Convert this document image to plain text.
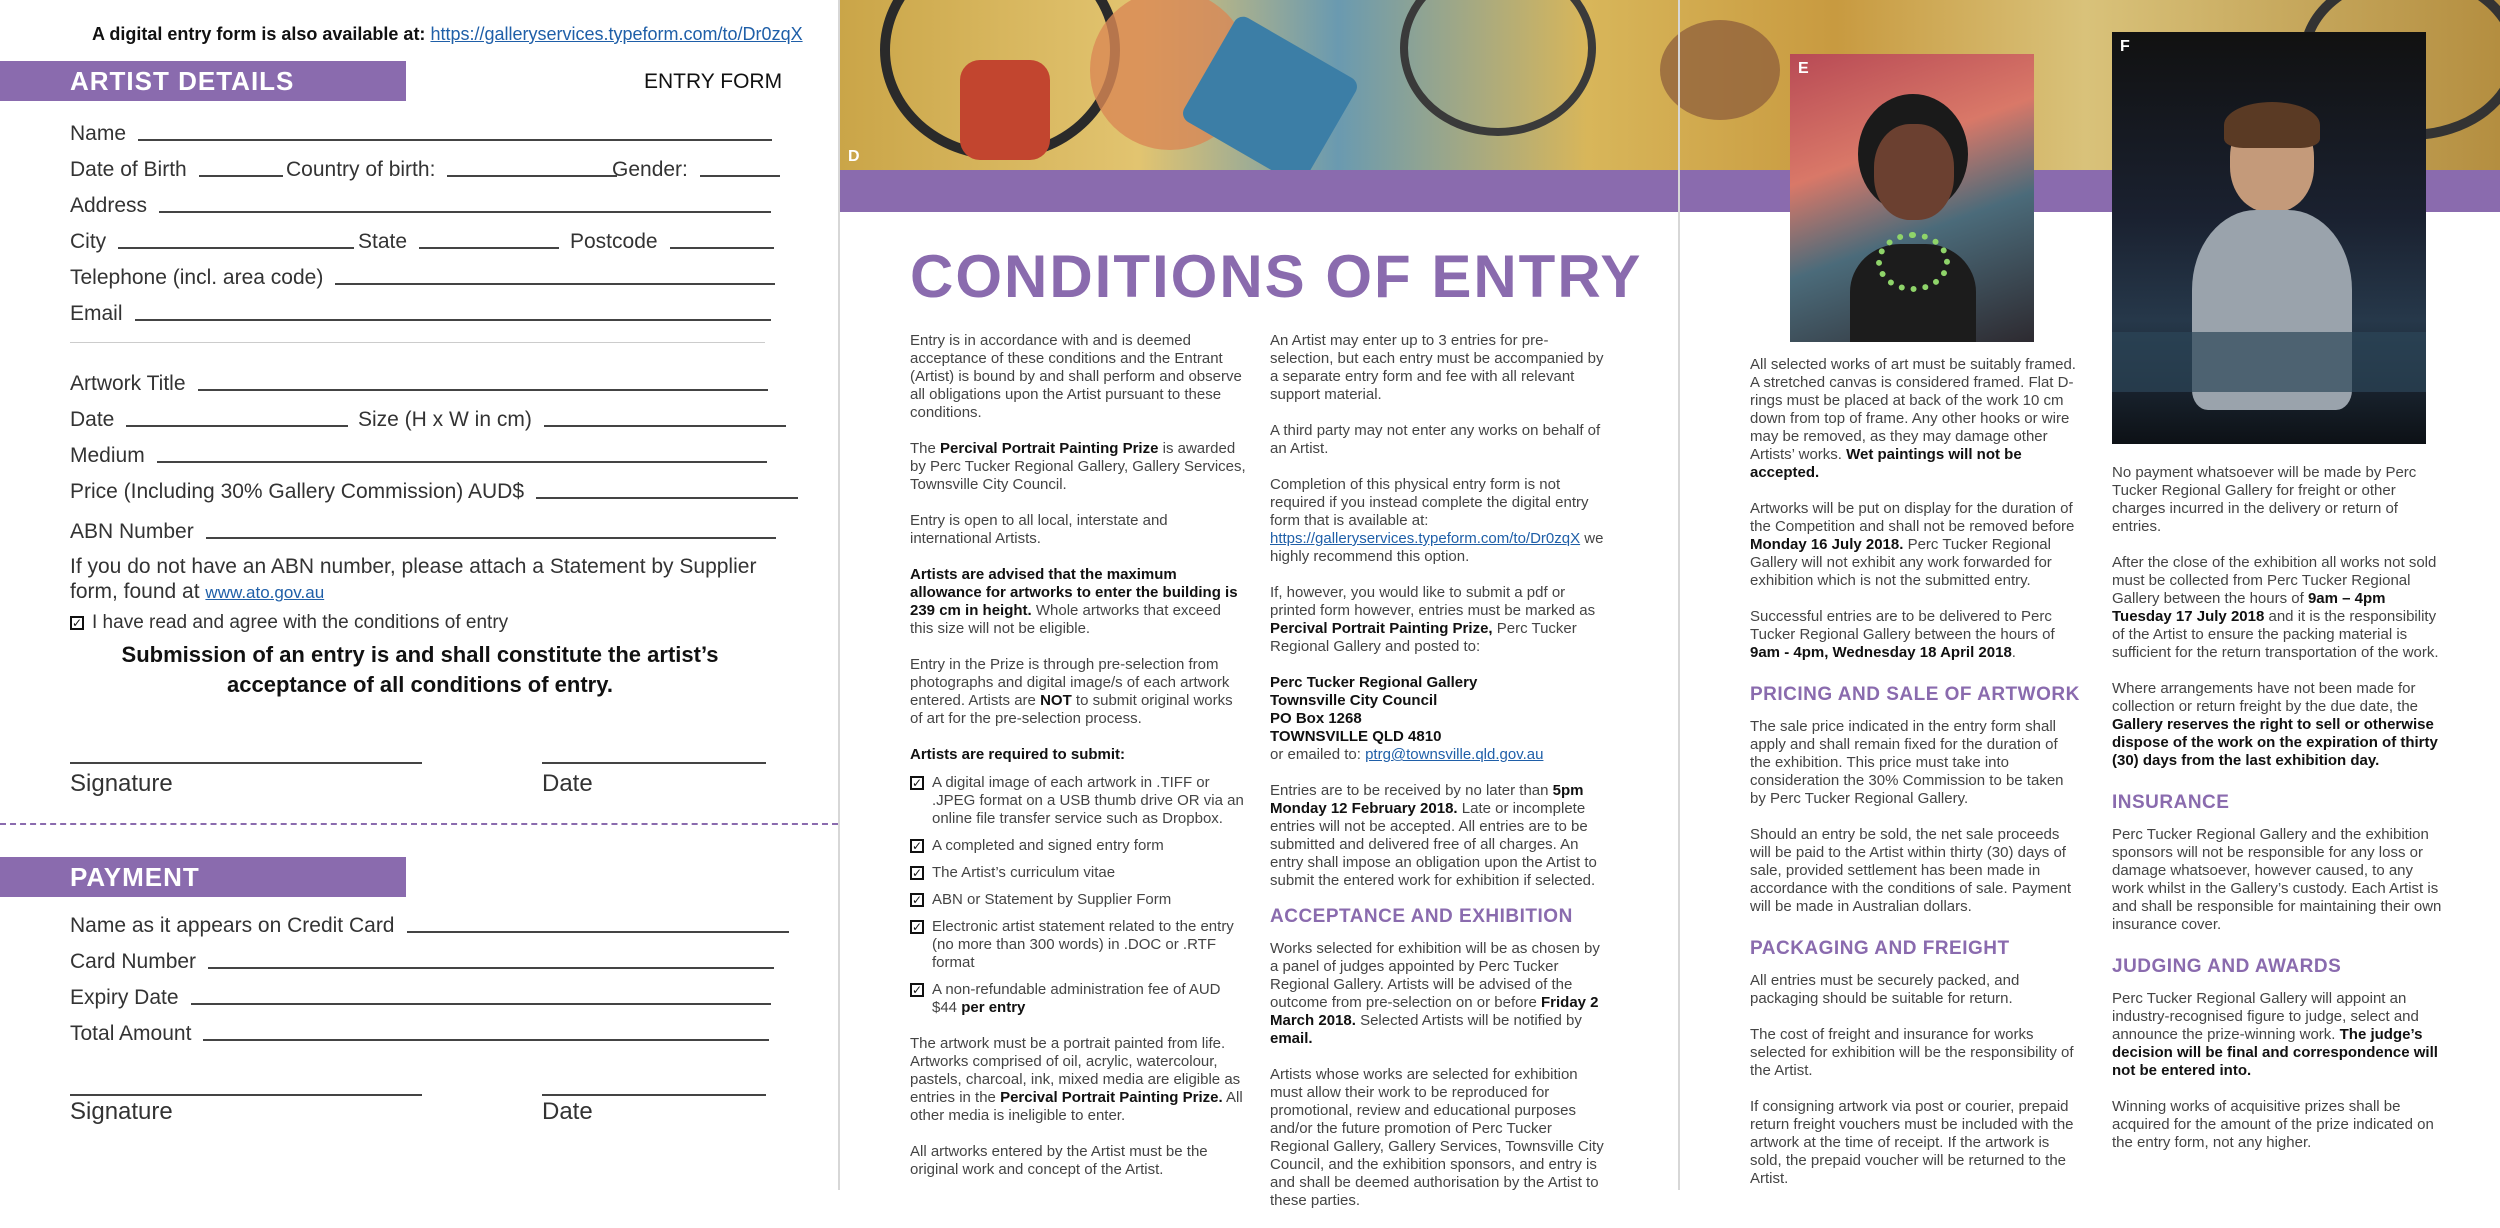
A digital entry form is also available at: https://galleryservices.typeform.com/to/Dr0zqX
ARTIST DETAILS	ENTRY FORM
Name
Date of Birth	Country of birth:	Gender:
Address
City	State	Postcode
Telephone (incl. area code)
Email
Artwork Title
Date	Size (H x W in cm)
Medium
Price (Including 30% Gallery Commission) AUD$
ABN Number
If you do not have an ABN number, please attach a Statement by Supplier form, found at www.ato.gov.au
✓ I have read and agree with the conditions of entry
Submission of an entry is and shall constitute the artist’s acceptance of all conditions of entry.
Signature	Date
PAYMENT
Name as it appears on Credit Card
Card Number
Expiry Date
Total Amount
Signature	Date
D
E
F
CONDITIONS OF ENTRY

Entry is in accordance with and is deemed acceptance of these conditions and the Entrant (Artist) is bound by and shall perform and observe all obligations upon the Artist pursuant to these conditions.

The Percival Portrait Painting Prize is awarded by Perc Tucker Regional Gallery, Gallery Services, Townsville City Council.

Entry is open to all local, interstate and international Artists.

Artists are advised that the maximum allowance for artworks to enter the building is 239 cm in height. Whole artworks that exceed this size will not be eligible.

Entry in the Prize is through pre-selection from photographs and digital image/s of each artwork entered. Artists are NOT to submit original works of art for the pre-selection process.

Artists are required to submit:

✓ A digital image of each artwork in .TIFF or .JPEG format on a USB thumb drive OR via an online file transfer service such as Dropbox.
✓ A completed and signed entry form
✓ The Artist’s curriculum vitae
✓ ABN or Statement by Supplier Form
✓ Electronic artist statement related to the entry (no more than 300 words) in .DOC or .RTF format
✓ A non-refundable administration fee of AUD $44 per entry

The artwork must be a portrait painted from life. Artworks comprised of oil, acrylic, watercolour, pastels, charcoal, ink, mixed media are eligible as entries in the Percival Portrait Painting Prize. All other media is ineligible to enter.

All artworks entered by the Artist must be the original work and concept of the Artist.

An Artist may enter up to 3 entries for pre-selection, but each entry must be accompanied by a separate entry form and fee with all relevant support material.

A third party may not enter any works on behalf of an Artist.

Completion of this physical entry form is not required if you instead complete the digital entry form that is available at: https://galleryservices.typeform.com/to/Dr0zqX we highly recommend this option.

If, however, you would like to submit a pdf or printed form however, entries must be marked as Percival Portrait Painting Prize, Perc Tucker Regional Gallery and posted to:

Perc Tucker Regional Gallery
Townsville City Council
PO Box 1268
TOWNSVILLE QLD 4810
or emailed to: ptrg@townsville.qld.gov.au

Entries are to be received by no later than 5pm Monday 12 February 2018. Late or incomplete entries will not be accepted. All entries are to be submitted and delivered free of all charges. An entry shall impose an obligation upon the Artist to submit the entered work for exhibition if selected.

ACCEPTANCE AND EXHIBITION

Works selected for exhibition will be as chosen by a panel of judges appointed by Perc Tucker Regional Gallery. Artists will be advised of the outcome from pre-selection on or before Friday 2 March 2018. Selected Artists will be notified by email.

Artists whose works are selected for exhibition must allow their work to be reproduced for promotional, review and educational purposes and/or the future promotion of Perc Tucker Regional Gallery, Gallery Services, Townsville City Council, and the exhibition sponsors, and entry is and shall be deemed authorisation by the Artist to these parties.

All selected works of art must be suitably framed. A stretched canvas is considered framed. Flat D-rings must be placed at back of the work 10 cm down from top of frame. Any other hooks or wire may be removed, as they may damage other Artists’ works. Wet paintings will not be accepted.

Artworks will be put on display for the duration of the Competition and shall not be removed before Monday 16 July 2018. Perc Tucker Regional Gallery will not exhibit any work forwarded for exhibition which is not the submitted entry.

Successful entries are to be delivered to Perc Tucker Regional Gallery between the hours of 9am - 4pm, Wednesday 18 April 2018.

PRICING AND SALE OF ARTWORK

The sale price indicated in the entry form shall apply and shall remain fixed for the duration of the exhibition. This price must take into consideration the 30% Commission to be taken by Perc Tucker Regional Gallery.

Should an entry be sold, the net sale proceeds will be paid to the Artist within thirty (30) days of sale, provided settlement has been made in accordance with the conditions of sale. Payment will be made in Australian dollars.

PACKAGING AND FREIGHT

All entries must be securely packed, and packaging should be suitable for return.

The cost of freight and insurance for works selected for exhibition will be the responsibility of the Artist.

If consigning artwork via post or courier, prepaid return freight vouchers must be included with the artwork at the time of receipt. If the artwork is sold, the prepaid voucher will be returned to the Artist.

No payment whatsoever will be made by Perc Tucker Regional Gallery for freight or other charges incurred in the delivery or return of entries.

After the close of the exhibition all works not sold must be collected from Perc Tucker Regional Gallery between the hours of 9am – 4pm Tuesday 17 July 2018 and it is the responsibility of the Artist to ensure the packing material is sufficient for the return transportation of the work.

Where arrangements have not been made for collection or return freight by the due date, the Gallery reserves the right to sell or otherwise dispose of the work on the expiration of thirty (30) days from the last exhibition day.

INSURANCE

Perc Tucker Regional Gallery and the exhibition sponsors will not be responsible for any loss or damage whatsoever, however caused, to any work whilst in the Gallery’s custody. Each Artist is and shall be responsible for maintaining their own insurance cover.

JUDGING AND AWARDS

Perc Tucker Regional Gallery will appoint an industry-recognised figure to judge, select and announce the prize-winning work. The judge’s decision will be final and correspondence will not be entered into.

Winning works of acquisitive prizes shall be acquired for the amount of the prize indicated on the entry form, not any higher.
